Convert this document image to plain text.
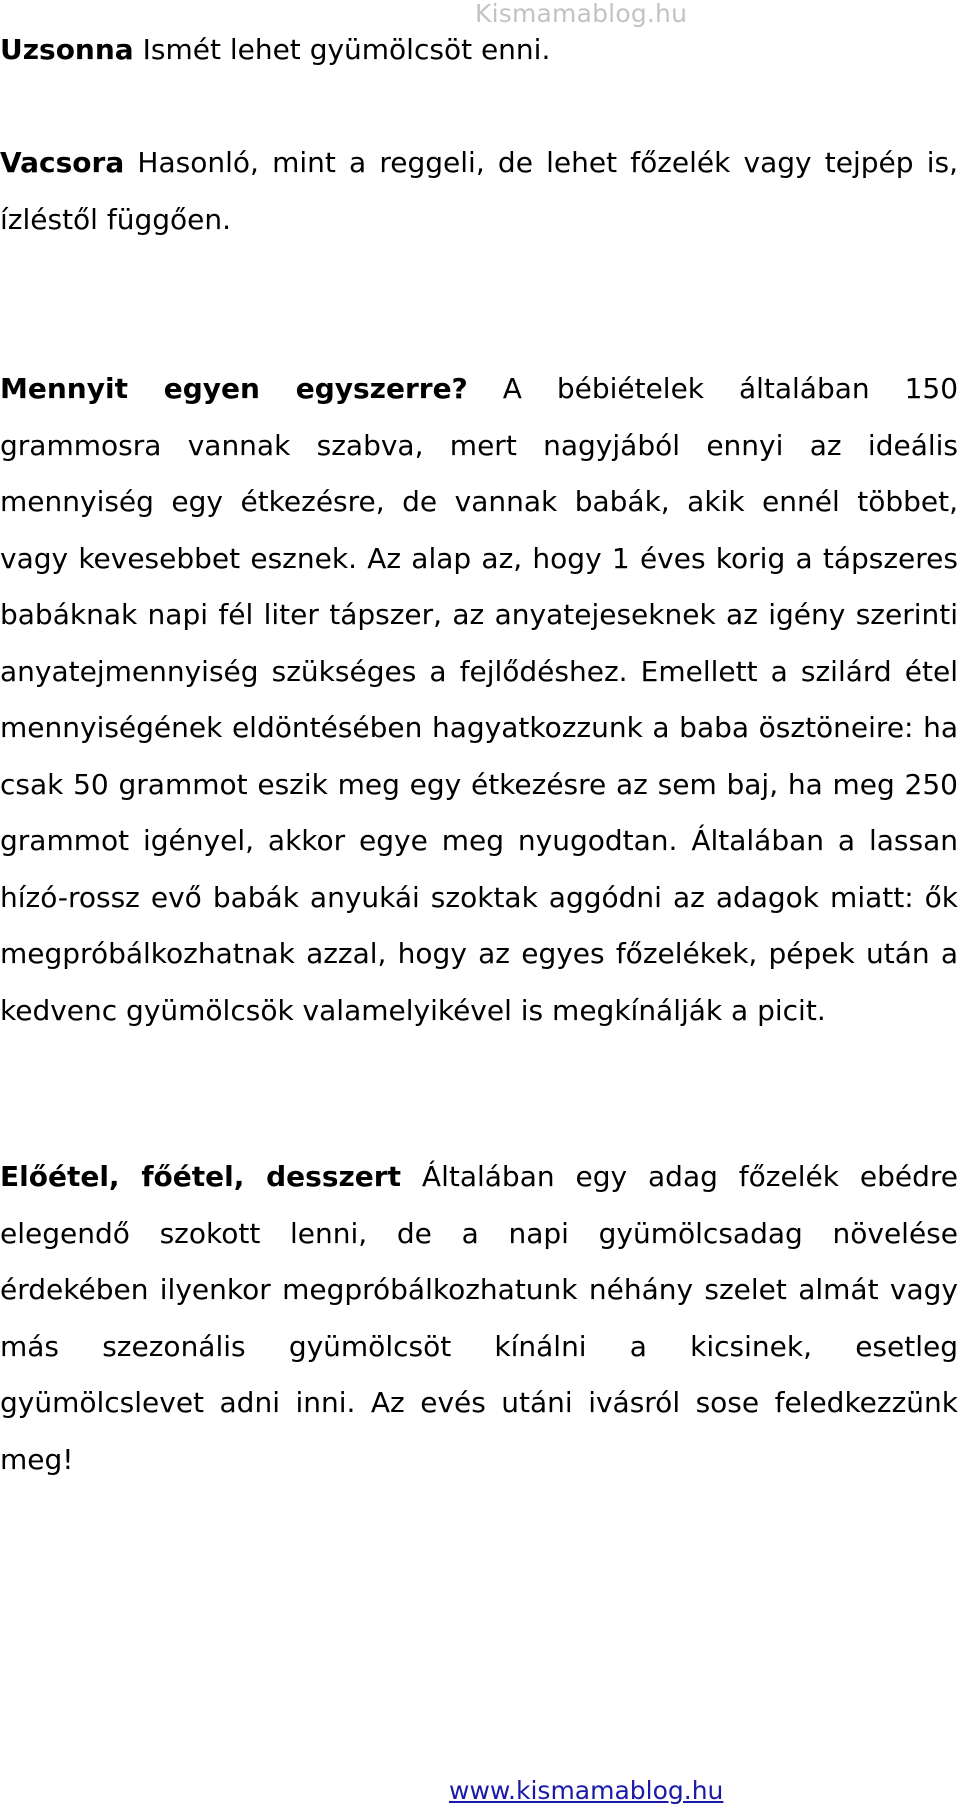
Kismamablog.hu

Uzsonna Ismét lehet gyümölcsöt enni.

Vacsora Hasonló, mint a reggeli, de lehet főzelék vagy tejpép is, ízléstől függően.

Mennyit egyen egyszerre? A bébiételek általában 150 grammosra vannak szabva, mert nagyjából ennyi az ideális mennyiség egy étkezésre, de vannak babák, akik ennél többet, vagy kevesebbet esznek. Az alap az, hogy 1 éves korig a tápszeres babáknak napi fél liter tápszer, az anyatejeseknek az igény szerinti anyatejmennyiség szükséges a fejlődéshez. Emellett a szilárd étel mennyiségének eldöntésében hagyatkozzunk a baba ösztöneire: ha csak 50 grammot eszik meg egy étkezésre az sem baj, ha meg 250 grammot igényel, akkor egye meg nyugodtan. Általában a lassan hízó-rossz evő babák anyukái szoktak aggódni az adagok miatt: ők megpróbálkozhatnak azzal, hogy az egyes főzelékek, pépek után a kedvenc gyümölcsök valamelyikével is megkínálják a picit.

Előétel, főétel, desszert Általában egy adag főzelék ebédre elegendő szokott lenni, de a napi gyümölcsadag növelése érdekében ilyenkor megpróbálkozhatunk néhány szelet almát vagy más szezonális gyümölcsöt kínálni a kicsinek, esetleg gyümölcslevet adni inni. Az evés utáni ivásról sose feledkezzünk meg!

www.kismamablog.hu
